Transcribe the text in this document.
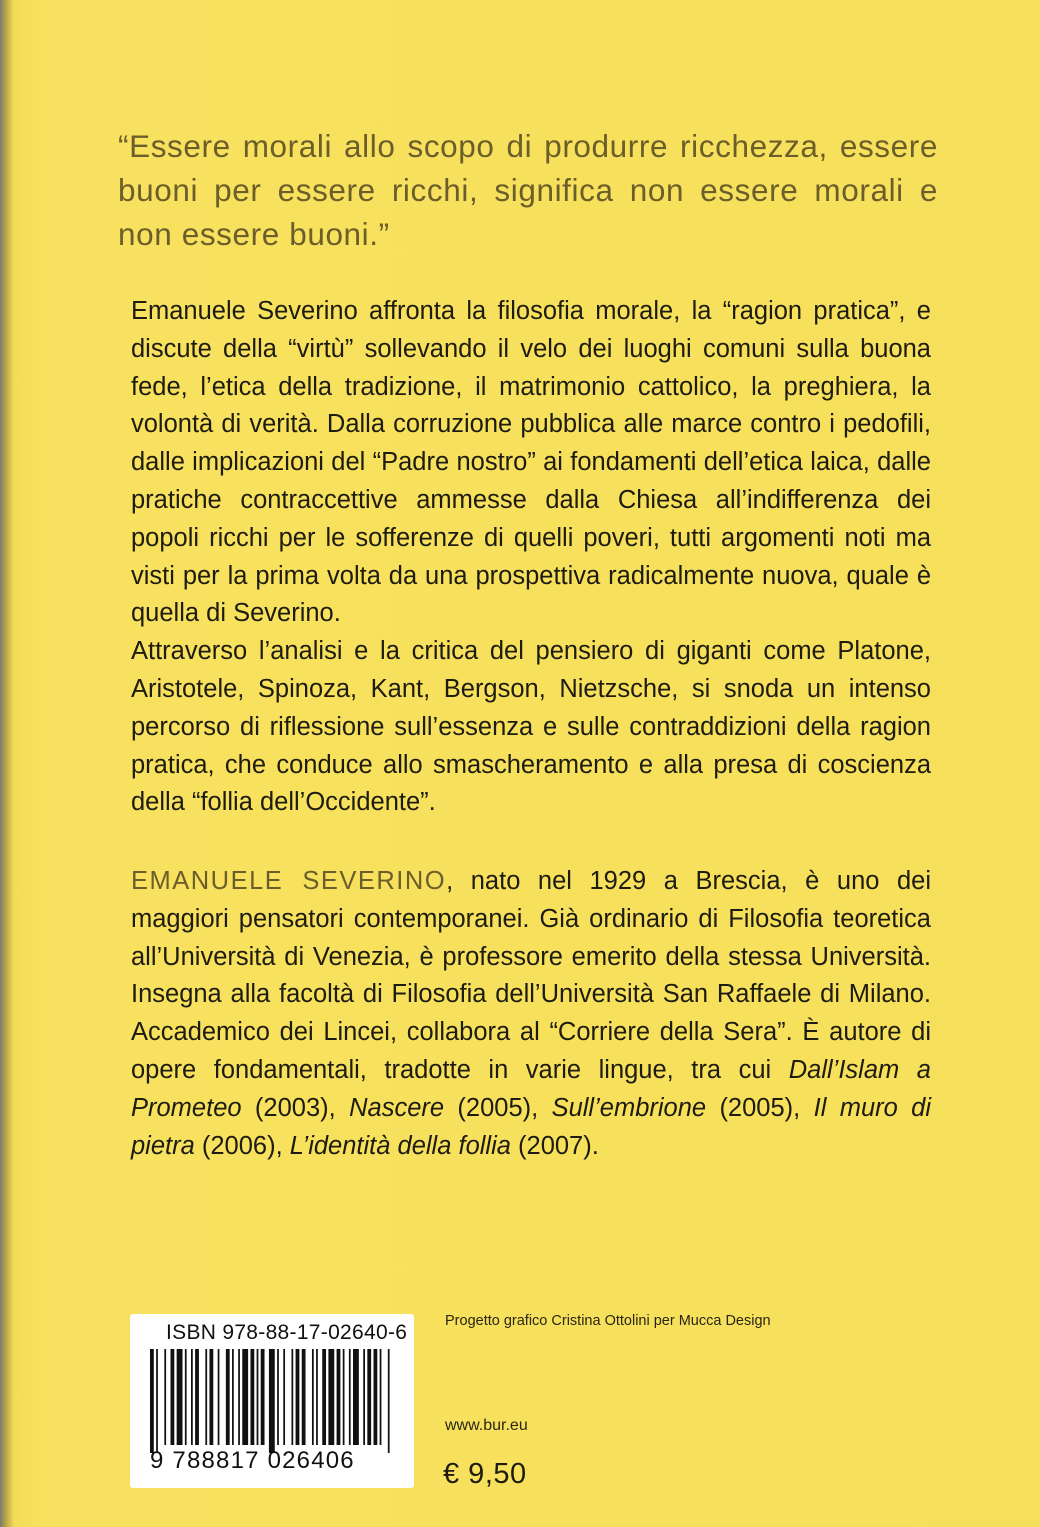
“Essere morali allo scopo di produrre ricchezza, essere buoni per essere ricchi, significa non essere morali e non essere buoni.”

Emanuele Severino affronta la filosofia morale, la “ragion pratica”, e discute della “virtù” sollevando il velo dei luoghi comuni sulla buona fede, l’etica della tradizione, il matrimonio cattolico, la preghiera, la volontà di verità. Dalla corruzione pubblica alle marce contro i pedofili, dalle implicazioni del “Padre nostro” ai fondamenti dell’etica laica, dalle pratiche contraccettive ammesse dalla Chiesa all’indifferenza dei popoli ricchi per le sofferenze di quelli poveri, tutti argomenti noti ma visti per la prima volta da una prospettiva radicalmente nuova, quale è quella di Severino.

Attraverso l’analisi e la critica del pensiero di giganti come Platone, Aristotele, Spinoza, Kant, Bergson, Nietzsche, si snoda un intenso percorso di riflessione sull’essenza e sulle contraddizioni della ragion pratica, che conduce allo smascheramento e alla presa di coscienza della “follia dell’Occidente”.

EMANUELE SEVERINO, nato nel 1929 a Brescia, è uno dei maggiori pensatori contemporanei. Già ordinario di Filosofia teoretica all’Università di Venezia, è professore emerito della stessa Università. Insegna alla facoltà di Filosofia dell’Università San Raffaele di Milano. Accademico dei Lincei, collabora al “Corriere della Sera”. È autore di opere fondamentali, tradotte in varie lingue, tra cui Dall’Islam a Prometeo (2003), Nascere (2005), Sull’embrione (2005), Il muro di pietra (2006), L’identità della follia (2007).

ISBN 978-88-17-02640-6
9 788817 026406
Progetto grafico Cristina Ottolini per Mucca Design
www.bur.eu
€ 9,50
